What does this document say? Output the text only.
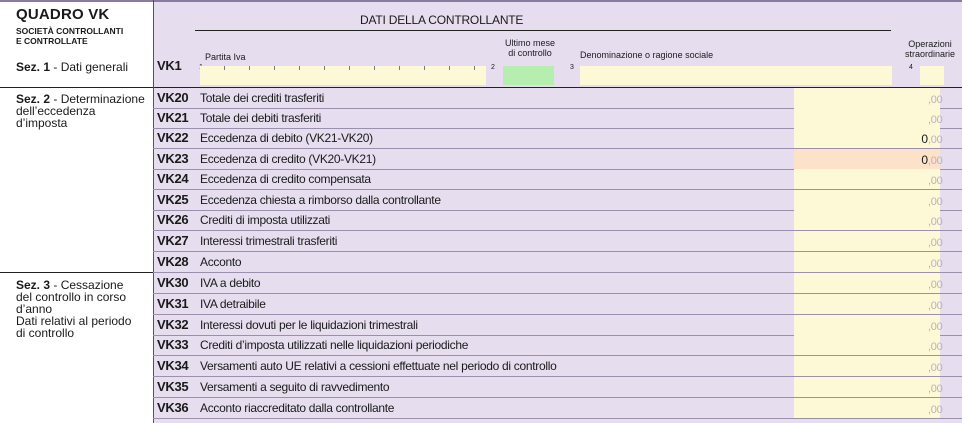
QUADRO VK
SOCIETÀ CONTROLLANTI
E CONTROLLATE
DATI DELLA CONTROLLANTE
Sez. 1 - Dati generali	VK1
Partita Iva
Ultimo mese
di controllo
2
Denominazione o ragione sociale
3
Operazioni
straordinarie
4
Sez. 2 - Determinazione
dell’eccedenza
d’imposta
Sez. 3 - Cessazione
del controllo in corso
d’anno
Dati relativi al periodo
di controllo
VK20 Totale dei crediti trasferiti	,00
VK21 Totale dei debiti trasferiti	,00
VK22 Eccedenza di debito (VK21-VK20)	0 ,00
VK23 Eccedenza di credito (VK20-VK21)	0 ,00
VK24 Eccedenza di credito compensata	,00
VK25 Eccedenza chiesta a rimborso dalla controllante	,00
VK26 Crediti di imposta utilizzati	,00
VK27 Interessi trimestrali trasferiti	,00
VK28 Acconto	,00
VK30 IVA a debito	,00
VK31 IVA detraibile	,00
VK32 Interessi dovuti per le liquidazioni trimestrali	,00
VK33 Crediti d’imposta utilizzati nelle liquidazioni periodiche	,00
VK34 Versamenti auto UE relativi a cessioni effettuate nel periodo di controllo	,00
VK35 Versamenti a seguito di ravvedimento	,00
VK36 Acconto riaccreditato dalla controllante	,00
